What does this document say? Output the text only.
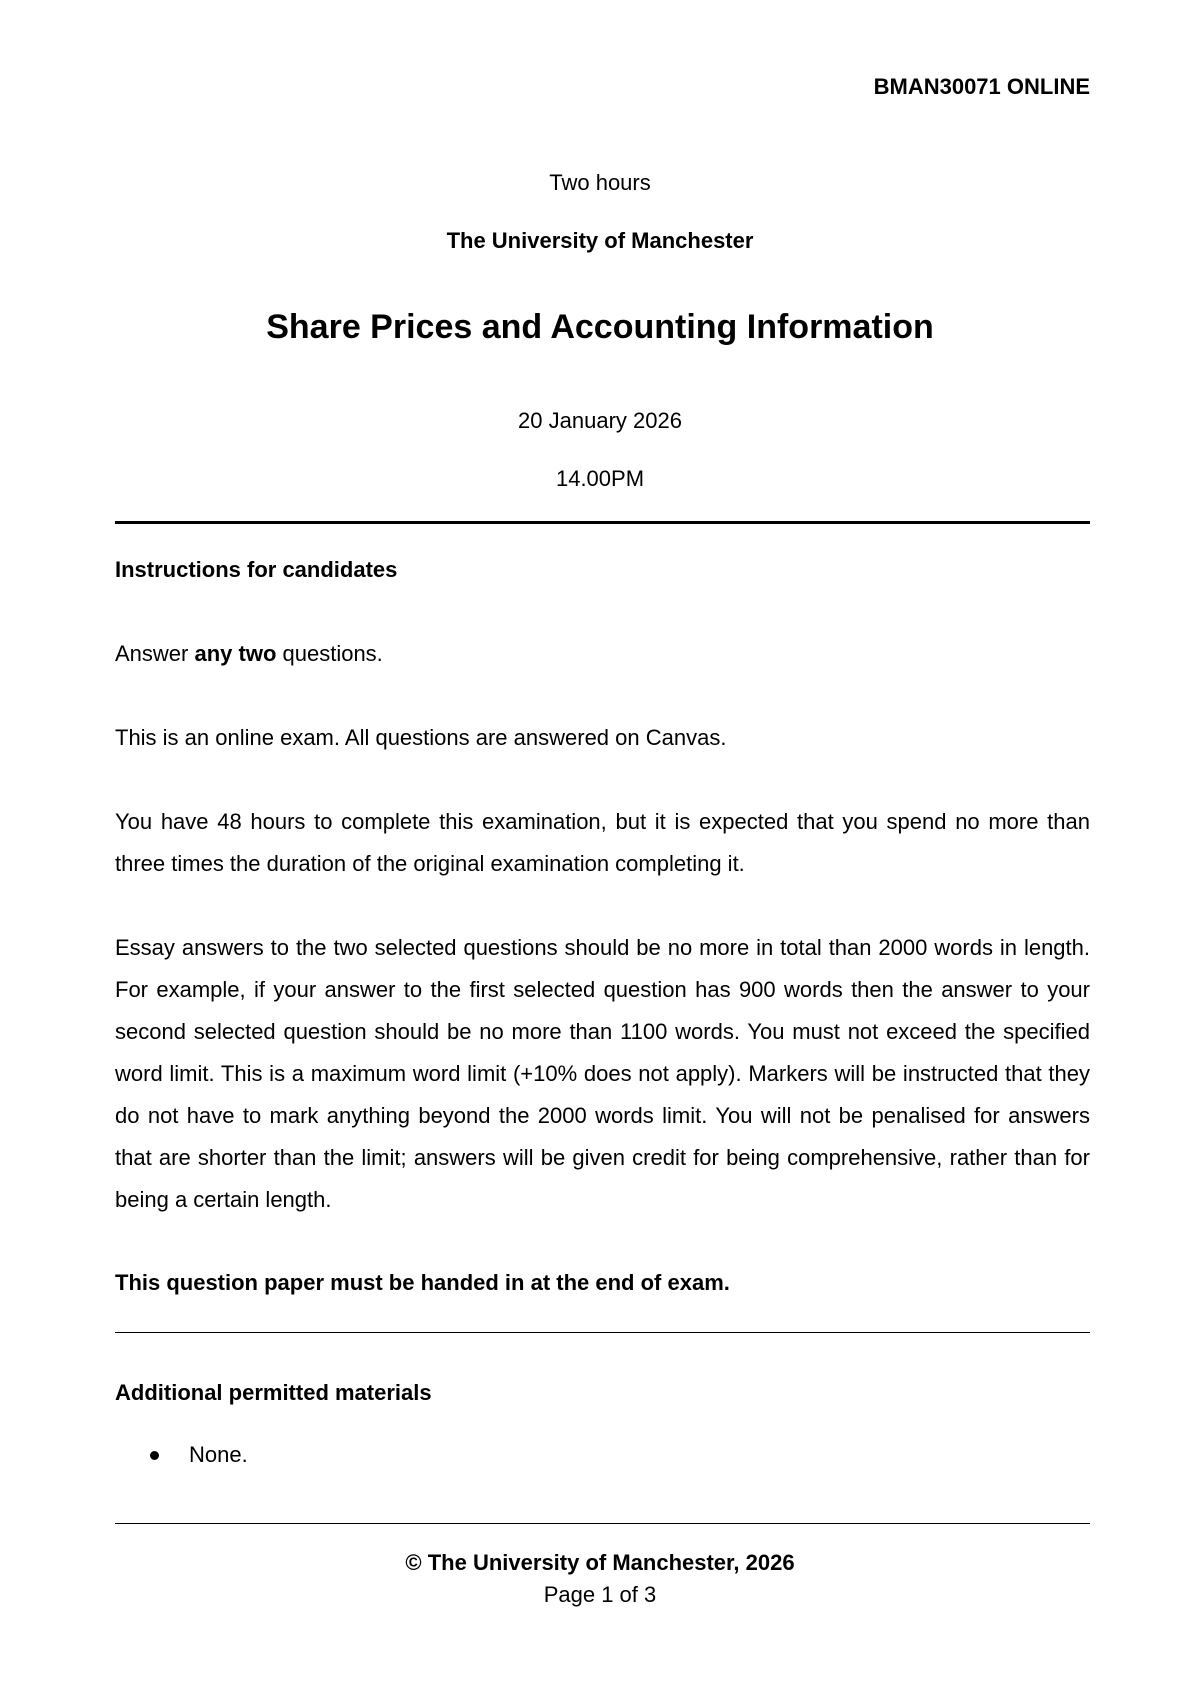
BMAN30071 ONLINE
Two hours
The University of Manchester
Share Prices and Accounting Information
20 January 2026
14.00PM
Instructions for candidates
Answer any two questions.
This is an online exam. All questions are answered on Canvas.
You have 48 hours to complete this examination, but it is expected that you spend no more than three times the duration of the original examination completing it.
Essay answers to the two selected questions should be no more in total than 2000 words in length. For example, if your answer to the first selected question has 900 words then the answer to your second selected question should be no more than 1100 words. You must not exceed the specified word limit. This is a maximum word limit (+10% does not apply). Markers will be instructed that they do not have to mark anything beyond the 2000 words limit. You will not be penalised for answers that are shorter than the limit; answers will be given credit for being comprehensive, rather than for being a certain length.
This question paper must be handed in at the end of exam.
Additional permitted materials
None.
© The University of Manchester, 2026
Page 1 of 3
